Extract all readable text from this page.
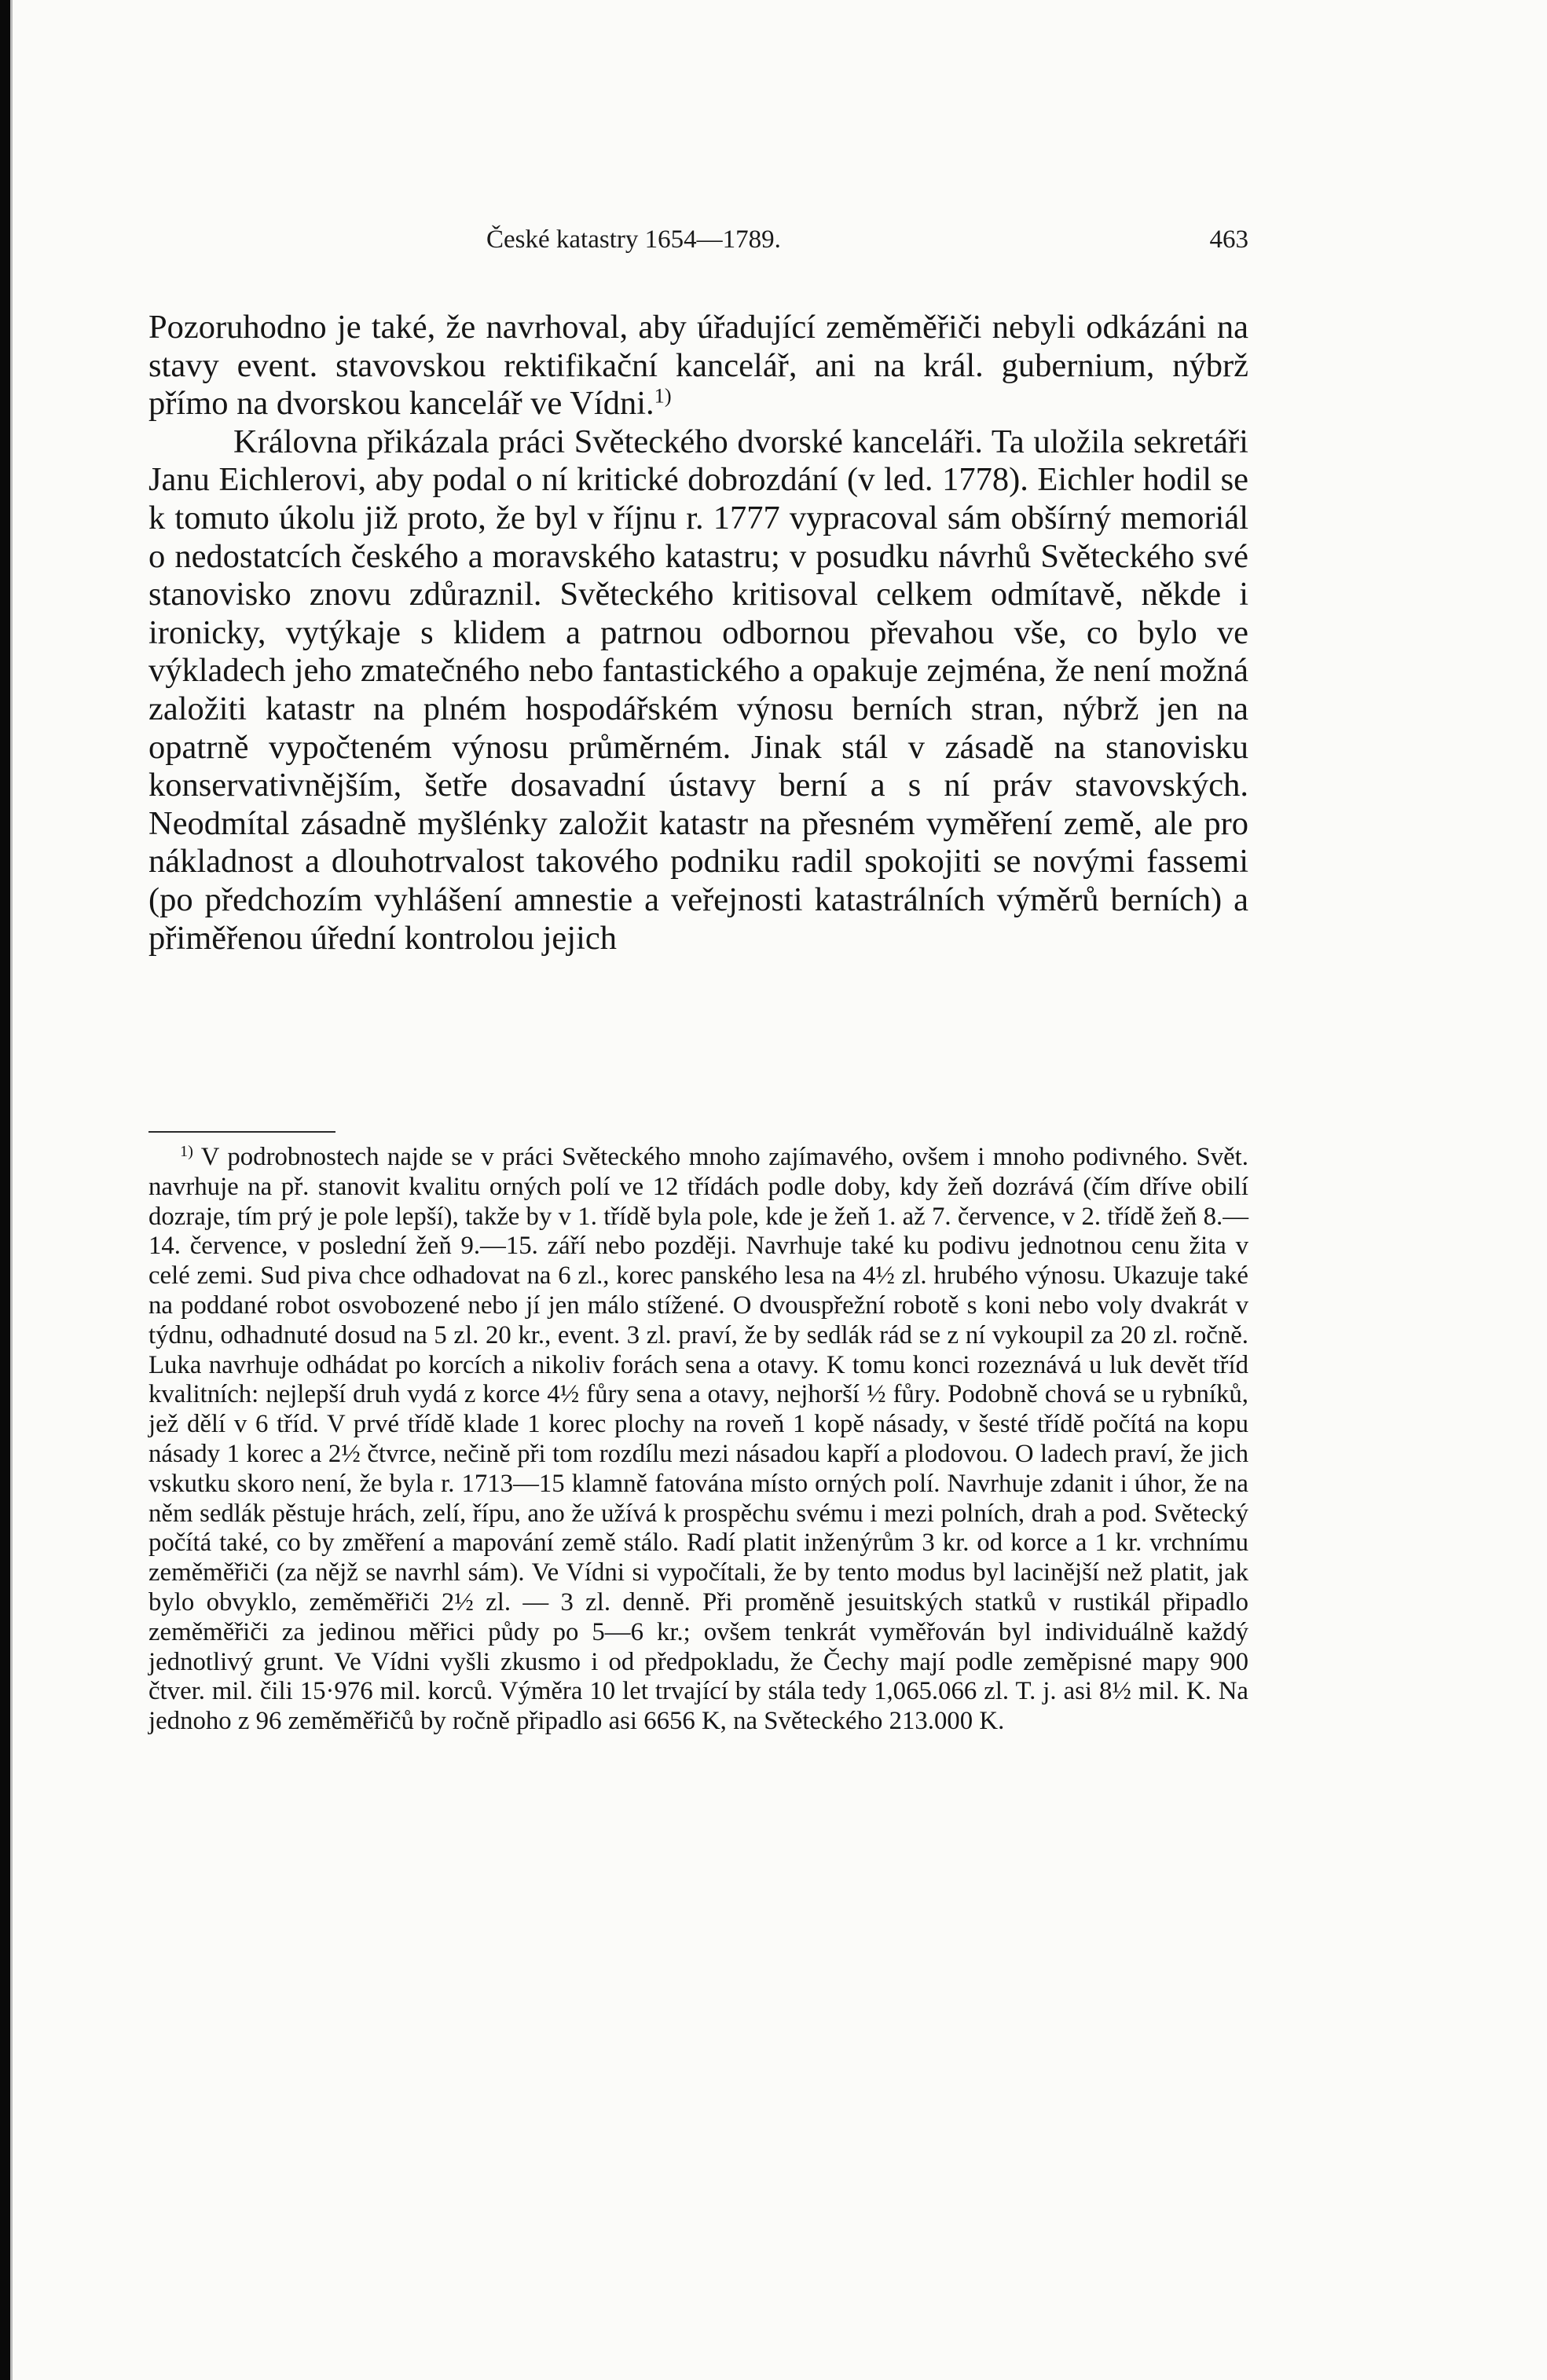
České katastry 1654—1789.	463

Pozoruhodno je také, že navrhoval, aby úřadující zeměměřiči nebyli odkázáni na stavy event. stavovskou rektifikační kancelář, ani na král. gubernium, nýbrž přímo na dvorskou kancelář ve Vídni.$^{1)}$

Královna přikázala práci Světeckého dvorské kanceláři. Ta uložila sekretáři Janu Eichlerovi, aby podal o ní kritické dobrozdání (v led. 1778). Eichler hodil se k tomuto úkolu již proto, že byl v říjnu r. 1777 vypracoval sám obšírný memoriál o nedostatcích českého a moravského katastru; v posudku návrhů Světeckého své stanovisko znovu zdůraznil. Světeckého kritisoval celkem odmítavě, někde i ironicky, vytýkaje s klidem a patrnou odbornou převahou vše, co bylo ve výkladech jeho zmatečného nebo fantastického a opakuje zejména, že není možná založiti katastr na plném hospodářském výnosu berních stran, nýbrž jen na opatrně vypočteném výnosu průměrném. Jinak stál v zásadě na stanovisku konservativnějším, šetře dosavadní ústavy berní a s ní práv stavovských. Neodmítal zásadně myšlénky založit katastr na přesném vyměření země, ale pro nákladnost a dlouhotrvalost takového podniku radil spokojiti se novými fassemi (po předchozím vyhlášení amnestie a veřejnosti katastrálních výměrů berních) a přiměřenou úřední kontrolou jejich

$^{1)}$ V podrobnostech najde se v práci Světeckého mnoho zajímavého, ovšem i mnoho podivného. Svět. navrhuje na př. stanovit kvalitu orných polí ve 12 třídách podle doby, kdy žeň dozrává (čím dříve obilí dozraje, tím prý je pole lepší), takže by v 1. třídě byla pole, kde je žeň 1. až 7. července, v 2. třídě žeň 8.—14. července, v poslední žeň 9.—15. září nebo později. Navrhuje také ku podivu jednotnou cenu žita v celé zemi. Sud piva chce odhadovat na 6 zl., korec panského lesa na 4½ zl. hrubého výnosu. Ukazuje také na poddané robot osvobozené nebo jí jen málo stížené. O dvouspřežní robotě s koni nebo voly dvakrát v týdnu, odhadnuté dosud na 5 zl. 20 kr., event. 3 zl. praví, že by sedlák rád se z ní vykoupil za 20 zl. ročně. Luka navrhuje odhádat po korcích a nikoliv forách sena a otavy. K tomu konci rozeznává u luk devět tříd kvalitních: nejlepší druh vydá z korce 4½ fůry sena a otavy, nejhorší ½ fůry. Podobně chová se u rybníků, jež dělí v 6 tříd. V prvé třídě klade 1 korec plochy na roveň 1 kopě násady, v šesté třídě počítá na kopu násady 1 korec a 2½ čtvrce, nečině při tom rozdílu mezi násadou kapří a plodovou. O ladech praví, že jich vskutku skoro není, že byla r. 1713—15 klamně fatována místo orných polí. Navrhuje zdanit i úhor, že na něm sedlák pěstuje hrách, zelí, řípu, ano že užívá k prospěchu svému i mezi polních, drah a pod. Světecký počítá také, co by změření a mapování země stálo. Radí platit inženýrům 3 kr. od korce a 1 kr. vrchnímu zeměměřiči (za nějž se navrhl sám). Ve Vídni si vypočítali, že by tento modus byl lacinější než platit, jak bylo obvyklo, zeměměřiči 2½ zl. — 3 zl. denně. Při proměně jesuitských statků v rustikál připadlo zeměměřiči za jedinou měřici půdy po 5—6 kr.; ovšem tenkrát vyměřován byl individuálně každý jednotlivý grunt. Ve Vídni vyšli zkusmo i od předpokladu, že Čechy mají podle zeměpisné mapy 900 čtver. mil. čili 15·976 mil. korců. Výměra 10 let trvající by stála tedy 1,065.066 zl. T. j. asi 8½ mil. K. Na jednoho z 96 zeměměřičů by ročně připadlo asi 6656 K, na Světeckého 213.000 K.
